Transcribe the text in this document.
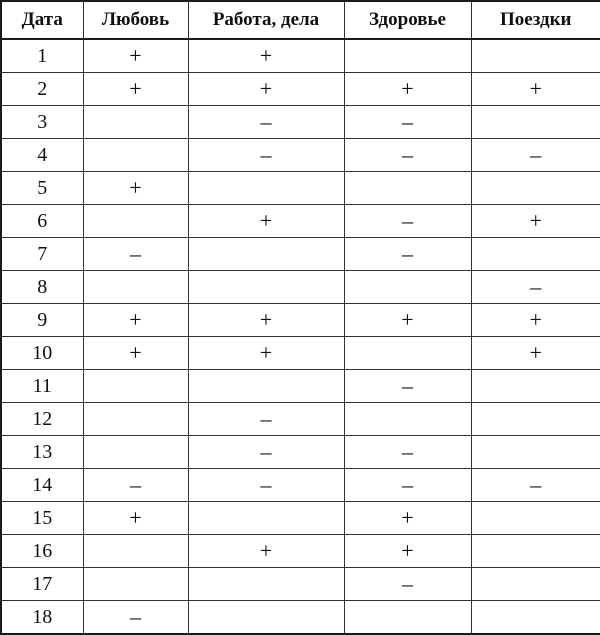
Дата	Любовь	Работа, дела	Здоровье	Поездки
1	+	+		
2	+	+	+	+
3		–	–	
4		–	–	–
5	+			
6		+	–	+
7	–		–	
8				–
9	+	+	+	+
10	+	+		+
11			–	
12		–		
13		–	–	
14	–	–	–	–
15	+		+	
16		+	+	
17			–	
18	–			
